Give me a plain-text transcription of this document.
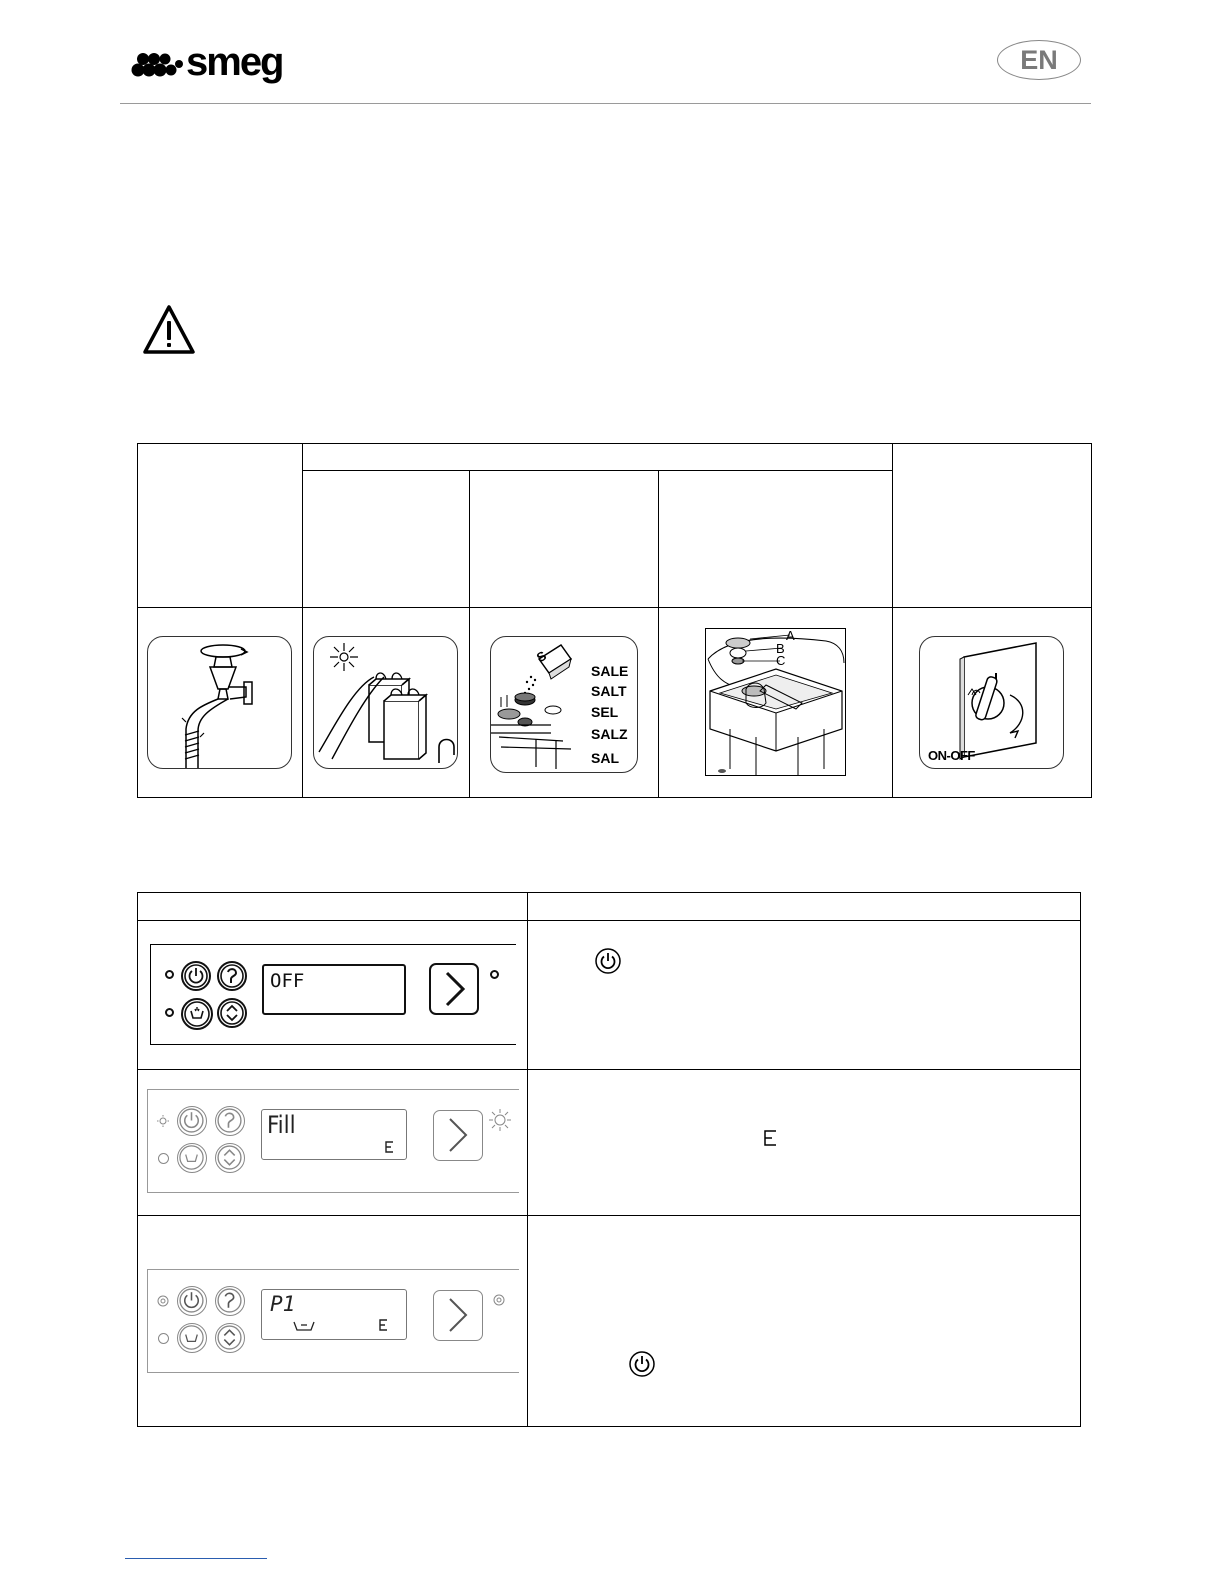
smeg	EN
S
SALE
SALT
SEL
SALZ
SAL
A
B
C
ON-OFF
OFF
Fill
P1
